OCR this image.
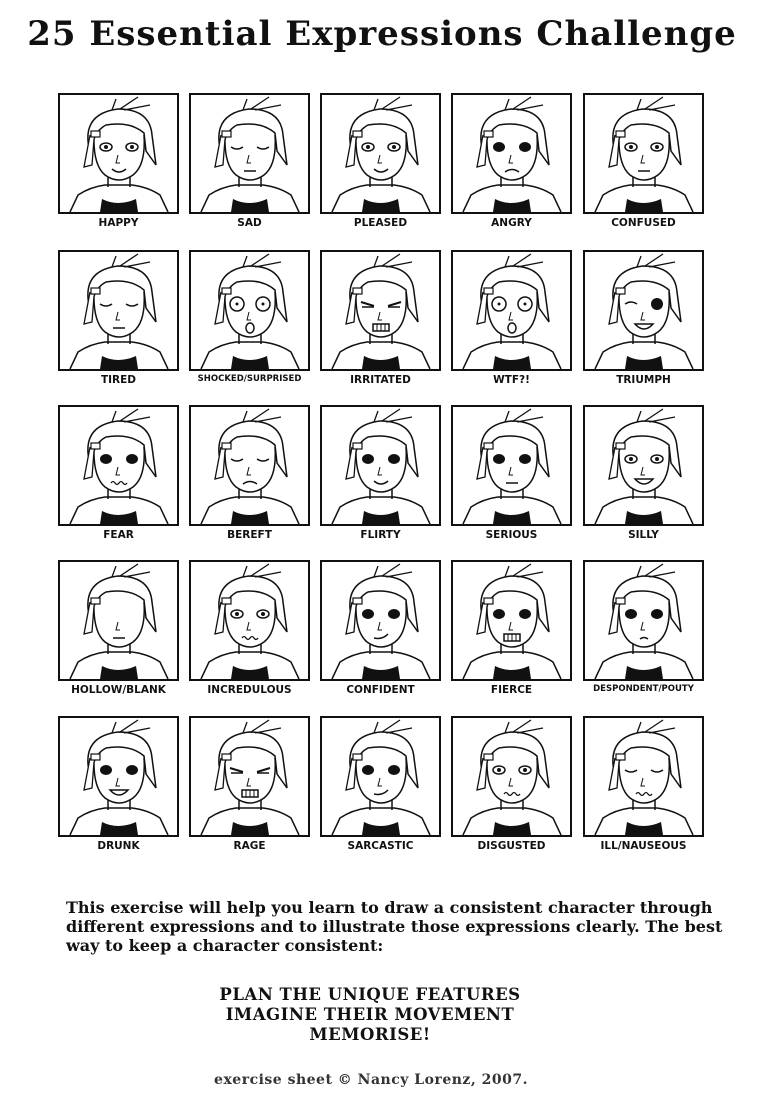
25 Essential Expressions Challenge
HAPPY	SAD	PLEASED	ANGRY	CONFUSED
TIRED	SHOCKED/SURPRISED	IRRITATED	WTF?!	TRIUMPH
FEAR	BEREFT	FLIRTY	SERIOUS	SILLY
HOLLOW/BLANK	INCREDULOUS	CONFIDENT	FIERCE	DESPONDENT/POUTY
DRUNK	RAGE	SARCASTIC	DISGUSTED	ILL/NAUSEOUS
This exercise will help you learn to draw a consistent character through different expressions and to illustrate those expressions clearly. The best way to keep a character consistent:
PLAN THE UNIQUE FEATURES
IMAGINE THEIR MOVEMENT
MEMORISE!
exercise sheet © Nancy Lorenz, 2007.
